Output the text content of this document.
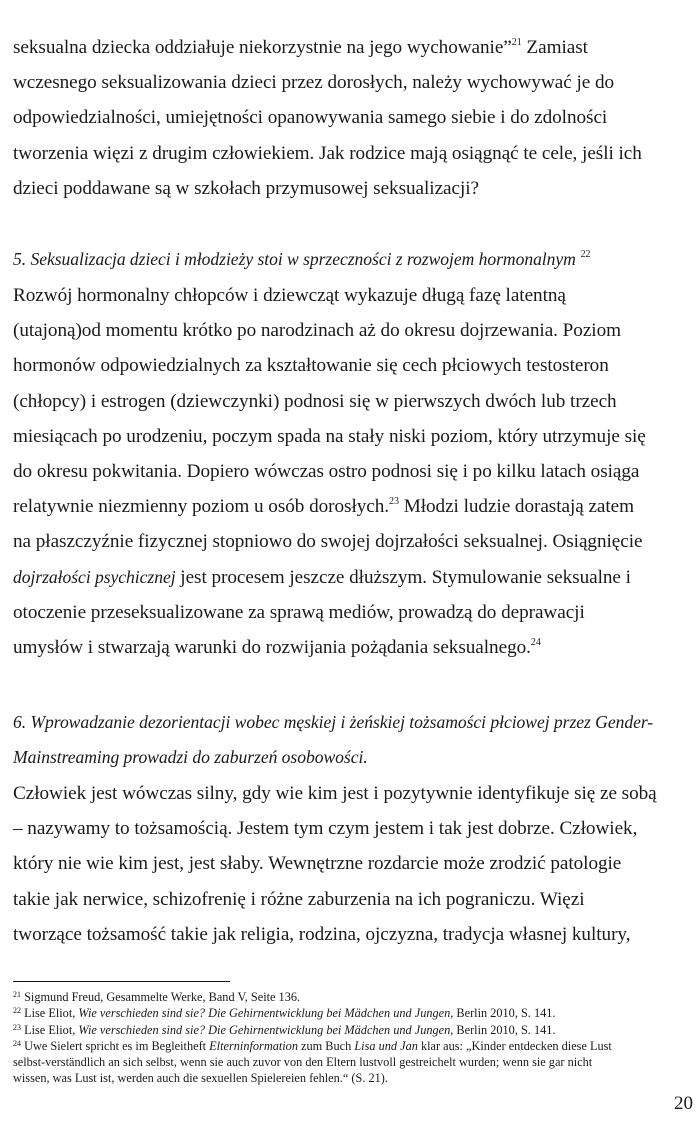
seksualna dziecka oddziałuje niekorzystnie na jego wychowanie”$^{21}$ Zamiast
wczesnego seksualizowania dzieci przez dorosłych, należy wychowywać je do
odpowiedzialności, umiejętności opanowywania samego siebie i do zdolności
tworzenia więzi z drugim człowiekiem. Jak rodzice mają osiągnąć te cele, jeśli ich
dzieci poddawane są w szkołach przymusowej seksualizacji?
5. Seksualizacja dzieci i młodzieży stoi w sprzeczności z rozwojem hormonalnym $^{22}$
Rozwój hormonalny chłopców i dziewcząt wykazuje długą fazę latentną
(utajoną)od momentu krótko po narodzinach aż do okresu dojrzewania. Poziom
hormonów odpowiedzialnych za kształtowanie się cech płciowych testosteron
(chłopcy) i estrogen (dziewczynki) podnosi się w pierwszych dwóch lub trzech
miesiącach po urodzeniu, poczym spada na stały niski poziom, który utrzymuje się
do okresu pokwitania. Dopiero wówczas ostro podnosi się i po kilku latach osiąga
relatywnie niezmienny poziom u osób dorosłych.$^{23}$ Młodzi ludzie dorastają zatem
na płaszczyźnie fizycznej stopniowo do swojej dojrzałości seksualnej. Osiągnięcie
dojrzałości psychicznej jest procesem jeszcze dłuższym. Stymulowanie seksualne i
otoczenie przeseksualizowane za sprawą mediów, prowadzą do deprawacji
umysłów i stwarzają warunki do rozwijania pożądania seksualnego.$^{24}$
6. Wprowadzanie dezorientacji wobec męskiej i żeńskiej tożsamości płciowej przez Gender-
Mainstreaming prowadzi do zaburzeń osobowości.
Człowiek jest wówczas silny, gdy wie kim jest i pozytywnie identyfikuje się ze sobą
– nazywamy to tożsamością. Jestem tym czym jestem i tak jest dobrze. Człowiek,
który nie wie kim jest, jest słaby. Wewnętrzne rozdarcie może zrodzić patologie
takie jak nerwice, schizofrenię i różne zaburzenia na ich pograniczu. Więzi
tworzące tożsamość takie jak religia, rodzina, ojczyzna, tradycja własnej kultury,
$^{21}$ Sigmund Freud, Gesammelte Werke, Band V, Seite 136.
$^{22}$ Lise Eliot, Wie verschieden sind sie? Die Gehirnentwicklung bei Mädchen und Jungen, Berlin 2010, S. 141.
$^{23}$ Lise Eliot, Wie verschieden sind sie? Die Gehirnentwicklung bei Mädchen und Jungen, Berlin 2010, S. 141.
$^{24}$ Uwe Sielert spricht es im Begleitheft Elterninformation zum Buch Lisa und Jan klar aus: „Kinder entdecken diese Lust
selbst-verständlich an sich selbst, wenn sie auch zuvor von den Eltern lustvoll gestreichelt wurden; wenn sie gar nicht
wissen, was Lust ist, werden auch die sexuellen Spielereien fehlen.“ (S. 21).
20
